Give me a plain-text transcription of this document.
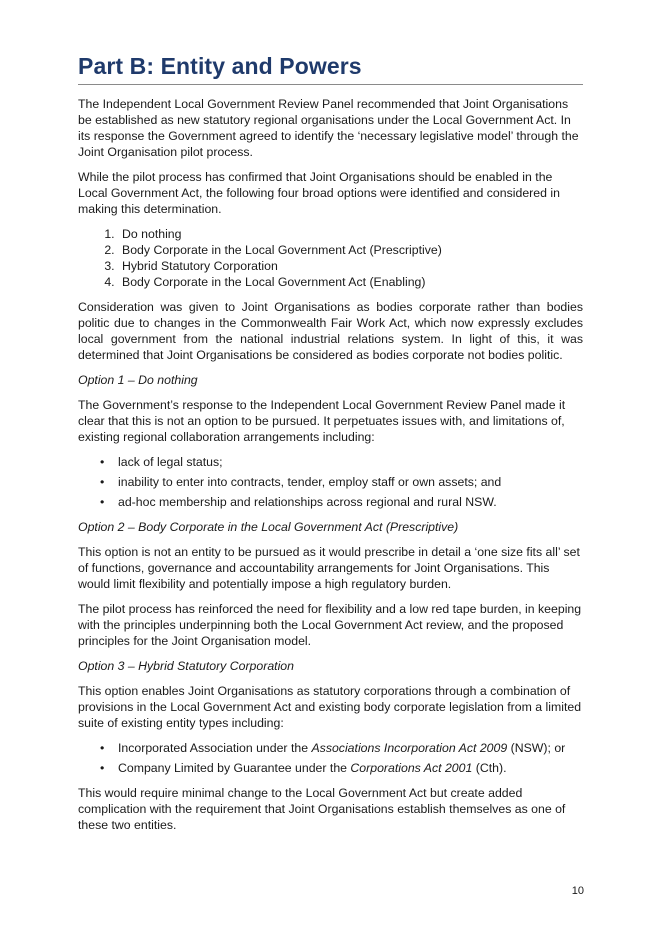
Part B: Entity and Powers

The Independent Local Government Review Panel recommended that Joint Organisations be established as new statutory regional organisations under the Local Government Act. In its response the Government agreed to identify the ‘necessary legislative model’ through the Joint Organisation pilot process.

While the pilot process has confirmed that Joint Organisations should be enabled in the Local Government Act, the following four broad options were identified and considered in making this determination.

1. Do nothing
2. Body Corporate in the Local Government Act (Prescriptive)
3. Hybrid Statutory Corporation
4. Body Corporate in the Local Government Act (Enabling)

Consideration was given to Joint Organisations as bodies corporate rather than bodies politic due to changes in the Commonwealth Fair Work Act, which now expressly excludes local government from the national industrial relations system. In light of this, it was determined that Joint Organisations be considered as bodies corporate not bodies politic.

Option 1 – Do nothing

The Government’s response to the Independent Local Government Review Panel made it clear that this is not an option to be pursued. It perpetuates issues with, and limitations of, existing regional collaboration arrangements including:

• lack of legal status;
• inability to enter into contracts, tender, employ staff or own assets; and
• ad-hoc membership and relationships across regional and rural NSW.

Option 2 – Body Corporate in the Local Government Act (Prescriptive)

This option is not an entity to be pursued as it would prescribe in detail a ‘one size fits all’ set of functions, governance and accountability arrangements for Joint Organisations. This would limit flexibility and potentially impose a high regulatory burden.

The pilot process has reinforced the need for flexibility and a low red tape burden, in keeping with the principles underpinning both the Local Government Act review, and the proposed principles for the Joint Organisation model.

Option 3 – Hybrid Statutory Corporation

This option enables Joint Organisations as statutory corporations through a combination of provisions in the Local Government Act and existing body corporate legislation from a limited suite of existing entity types including:

• Incorporated Association under the Associations Incorporation Act 2009 (NSW); or
• Company Limited by Guarantee under the Corporations Act 2001 (Cth).

This would require minimal change to the Local Government Act but create added complication with the requirement that Joint Organisations establish themselves as one of these two entities.

10
